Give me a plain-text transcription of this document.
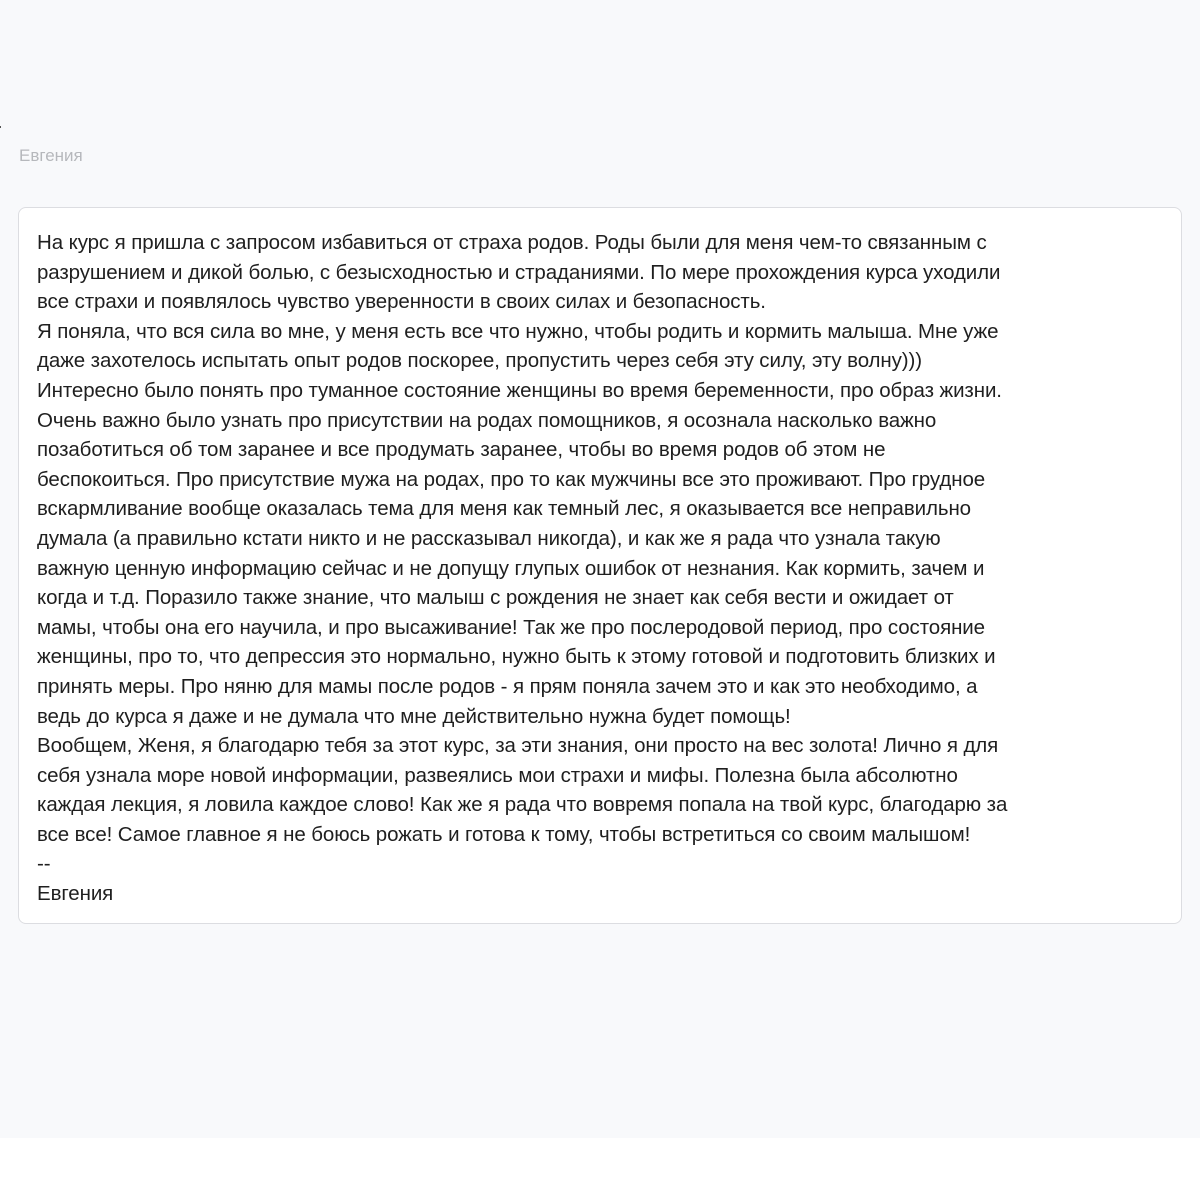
Евгения

На курс я пришла с запросом избавиться от страха родов. Роды были для меня чем-то связанным с
разрушением и дикой болью, с безысходностью и страданиями. По мере прохождения курса уходили
все страхи и появлялось чувство уверенности в своих силах и безопасность.
Я поняла, что вся сила во мне, у меня есть все что нужно, чтобы родить и кормить малыша. Мне уже
даже захотелось испытать опыт родов поскорее, пропустить через себя эту силу, эту волну)))
Интересно было понять про туманное состояние женщины во время беременности, про образ жизни.
Очень важно было узнать про присутствии на родах помощников, я осознала насколько важно
позаботиться об том заранее и все продумать заранее, чтобы во время родов об этом не
беспокоиться. Про присутствие мужа на родах, про то как мужчины все это проживают. Про грудное
вскармливание вообще оказалась тема для меня как темный лес, я оказывается все неправильно
думала (а правильно кстати никто и не рассказывал никогда), и как же я рада что узнала такую
важную ценную информацию сейчас и не допущу глупых ошибок от незнания. Как кормить, зачем и
когда и т.д. Поразило также знание, что малыш с рождения не знает как себя вести и ожидает от
мамы, чтобы она его научила, и про высаживание! Так же про послеродовой период, про состояние
женщины, про то, что депрессия это нормально, нужно быть к этому готовой и подготовить близких и
принять меры. Про няню для мамы после родов - я прям поняла зачем это и как это необходимо, а
ведь до курса я даже и не думала что мне действительно нужна будет помощь!
Вообщем, Женя, я благодарю тебя за этот курс, за эти знания, они просто на вес золота! Лично я для
себя узнала море новой информации, развеялись мои страхи и мифы. Полезна была абсолютно
каждая лекция, я ловила каждое слово! Как же я рада что вовремя попала на твой курс, благодарю за
все все! Самое главное я не боюсь рожать и готова к тому, чтобы встретиться со своим малышом!
--
Евгения
